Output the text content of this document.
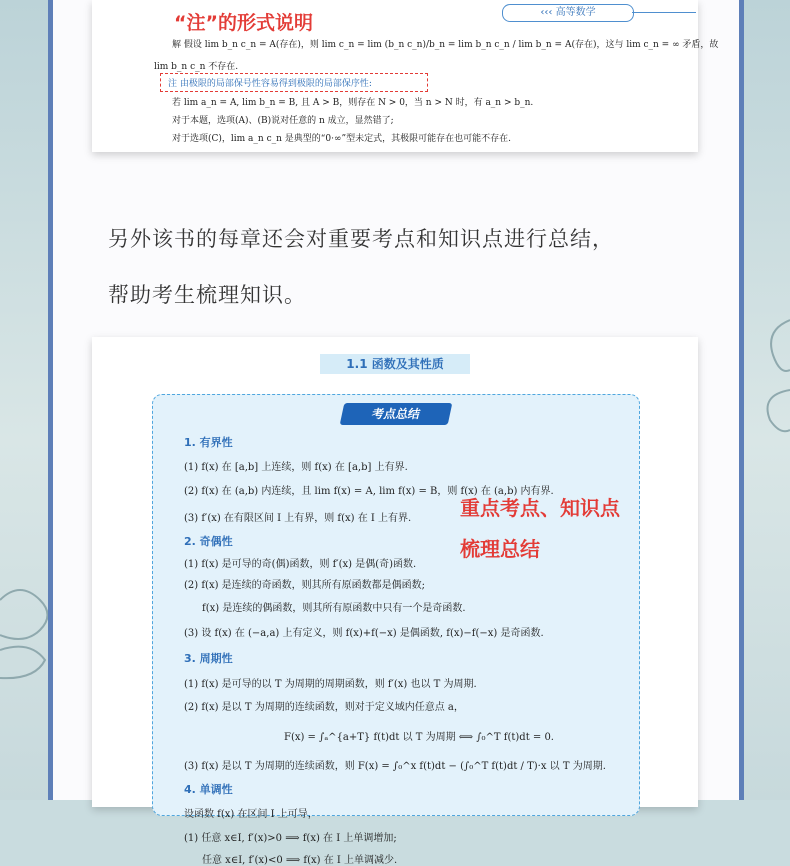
‹‹‹ 高等数学
“注”的形式说明
解 假设 lim b_n c_n = A(存在)，则 lim c_n = lim (b_n c_n)/b_n = lim b_n c_n / lim b_n = A(存在)，这与 lim c_n = ∞ 矛盾，故
lim b_n c_n 不存在.
注 由极限的局部保号性容易得到极限的局部保序性:
若 lim a_n = A, lim b_n = B, 且 A > B，则存在 N > 0，当 n > N 时，有 a_n > b_n.
对于本题，选项(A)、(B)说对任意的 n 成立，显然错了;
对于选项(C)，lim a_n c_n 是典型的“0·∞”型未定式，其极限可能存在也可能不存在.
另外该书的每章还会对重要考点和知识点进行总结，
帮助考生梳理知识。
1.1 函数及其性质
考点总结
重点考点、知识点
梳理总结
1. 有界性
(1) f(x) 在 [a,b] 上连续，则 f(x) 在 [a,b] 上有界.
(2) f(x) 在 (a,b) 内连续，且 lim f(x) = A, lim f(x) = B，则 f(x) 在 (a,b) 内有界.
(3) f′(x) 在有限区间 I 上有界，则 f(x) 在 I 上有界.
2. 奇偶性
(1) f(x) 是可导的奇(偶)函数，则 f′(x) 是偶(奇)函数.
(2) f(x) 是连续的奇函数，则其所有原函数都是偶函数;
f(x) 是连续的偶函数，则其所有原函数中只有一个是奇函数.
(3) 设 f(x) 在 (−a,a) 上有定义，则 f(x)+f(−x) 是偶函数, f(x)−f(−x) 是奇函数.
3. 周期性
(1) f(x) 是可导的以 T 为周期的周期函数，则 f′(x) 也以 T 为周期.
(2) f(x) 是以 T 为周期的连续函数，则对于定义域内任意点 a，
F(x) = ∫ₐ^{a+T} f(t)dt 以 T 为周期 ⟺ ∫₀^T f(t)dt = 0.
(3) f(x) 是以 T 为周期的连续函数，则 F(x) = ∫₀^x f(t)dt − (∫₀^T f(t)dt / T)·x 以 T 为周期.
4. 单调性
设函数 f(x) 在区间 I 上可导，
(1) 任意 x∈I, f′(x)>0 ⟹ f(x) 在 I 上单调增加;
任意 x∈I, f′(x)<0 ⟹ f(x) 在 I 上单调减少.
